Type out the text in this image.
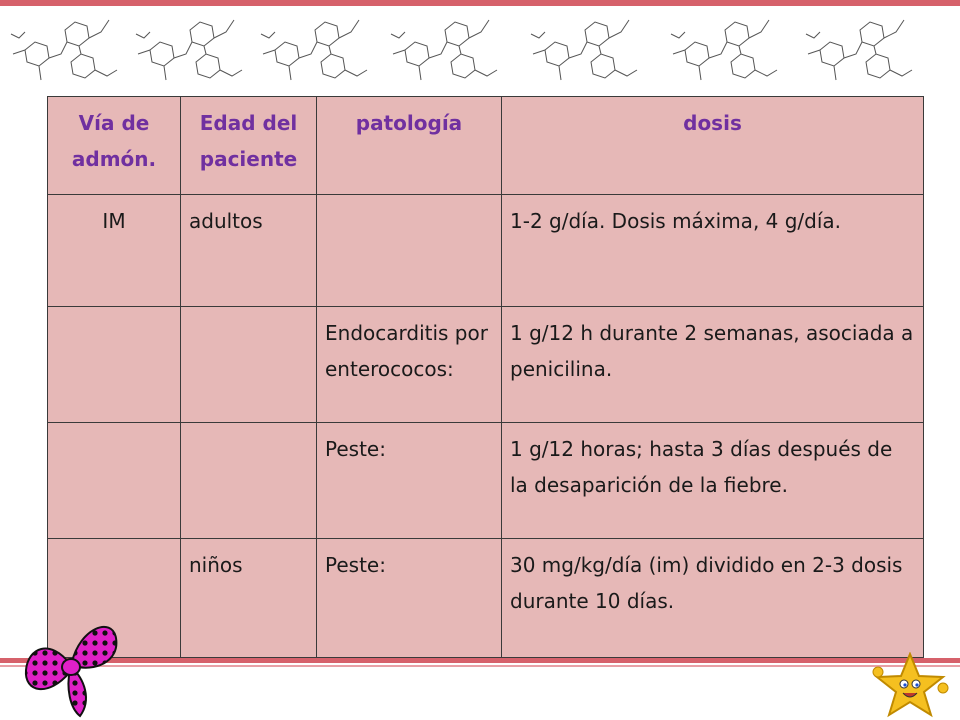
Vía de admón.	Edad del paciente	patología	dosis
IM	adultos		1-2 g/día. Dosis máxima, 4 g/día.
		Endocarditis por enterococos:	1 g/12 h durante 2 semanas, asociada a penicilina.
		Peste:	1 g/12 horas; hasta 3 días después de la desaparición de la fiebre.
	niños	Peste:	30 mg/kg/día (im) dividido en 2-3 dosis durante 10 días.
